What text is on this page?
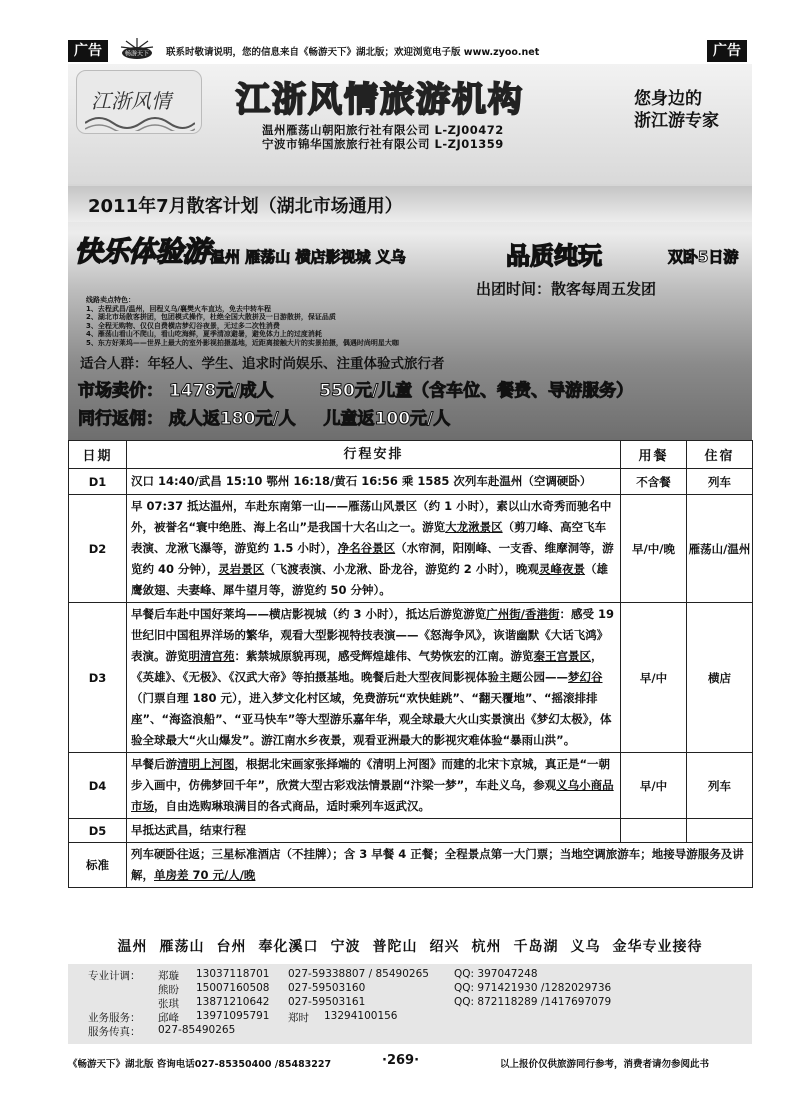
广告	畅游天下 联系时敬请说明，您的信息来自《畅游天下》湖北版；欢迎浏览电子版 www.zyoo.net	广告
江浙风情 江浙风情旅游机构	您身边的
浙江游专家
温州雁荡山朝阳旅行社有限公司 L-ZJ00472
宁波市锦华国旅旅行社有限公司 L-ZJ01359
2011年7月散客计划（湖北市场通用）
快乐体验游 温州 雁荡山 横店影视城 义乌	品质纯玩	双卧5日游
出团时间：散客每周五发团
线路卖点特色：
1、去程武昌/温州，回程义乌/襄樊火车直达，免去中转车程
2、湖北市场散客拼团，包团模式操作，杜绝全国大散拼及一日游散拼，保证品质
3、全程无购物、仅仅自费横店梦幻谷夜景，无过多二次性消费
4、雁荡山看山不爬山，看山吃海鲜，夏季清凉避暑，避免体力上的过度消耗
5、东方好莱坞——世界上最大的室外影视拍摄基地，近距离接触大片的实景拍摄，偶遇时尚明星大咖
适合人群：年轻人、学生、追求时尚娱乐、注重体验式旅行者
市场卖价： 1478元/成人	550元/儿童（含车位、餐费、导游服务）
同行返佣： 成人返180元/人 儿童返100元/人
日期	行程安排	用餐	住宿
D1	汉口 14:40/武昌 15:10 鄂州 16:18/黄石 16:56 乘 1585 次列车赴温州（空调硬卧）	不含餐	列车
D2	早 07:37 抵达温州，车赴东南第一山——雁荡山风景区（约 1 小时），素以山水奇秀而驰名中外，被誉名“寰中绝胜、海上名山”是我国十大名山之一。游览大龙湫景区（剪刀峰、高空飞车表演、龙湫飞瀑等，游览约 1.5 小时），净名谷景区（水帘洞，阳刚峰、一支香、维摩洞等，游览约 40 分钟），灵岩景区（飞渡表演、小龙湫、卧龙谷，游览约 2 小时），晚观灵峰夜景（雄鹰敛翅、夫妻峰、犀牛望月等，游览约 50 分钟）。	早/中/晚	雁荡山/温州
D3	早餐后车赴中国好莱坞——横店影视城（约 3 小时），抵达后游览游览广州街/香港街：感受 19 世纪旧中国租界洋场的繁华，观看大型影视特技表演——《怒海争风》，诙谐幽默《大话飞鸿》表演。游览明清宫苑：紫禁城原貌再现，感受辉煌雄伟、气势恢宏的江南。游览秦王宫景区，《英雄》、《无极》、《汉武大帝》等拍摄基地。晚餐后赴大型夜间影视体验主题公园——梦幻谷（门票自理 180 元），进入梦文化村区域，免费游玩“欢快蛙跳”、“翻天覆地”、“摇滚排排座”、“海盗浪船”、“亚马快车”等大型游乐嘉年华，观全球最大火山实景演出《梦幻太极》，体验全球最大“火山爆发”。游江南水乡夜景，观看亚洲最大的影视灾难体验“暴雨山洪”。	早/中	横店
D4	早餐后游清明上河图，根据北宋画家张择端的《清明上河图》而建的北宋卞京城，真正是“一朝步入画中，仿佛梦回千年”，欣赏大型古彩戏法情景剧“汴梁一梦”，车赴义乌，参观义乌小商品市场，自由选购琳琅满目的各式商品，适时乘列车返武汉。	早/中	列车
D5	早抵达武昌，结束行程		
标准	列车硬卧往返；三星标准酒店（不挂牌）；含 3 早餐 4 正餐；全程景点第一大门票；当地空调旅游车；地接导游服务及讲解，单房差 70 元/人/晚		
温州 雁荡山 台州 奉化溪口 宁波 普陀山 绍兴 杭州 千岛湖 义乌 金华专业接待
专业计调： 郑璇 13037118701 027-59338807 / 85490265 QQ: 397047248
熊盼 15007160508 027-59503160	QQ: 971421930 /1282029736
张琪 13871210642 027-59503161	QQ: 872118289 /1417697079
业务服务： 邱峰 13971095791 郑时 13294100156
服务传真： 027-85490265
《畅游天下》湖北版 咨询电话027-85350400 /85483227	·269·	以上报价仅供旅游同行参考，消费者请勿参阅此书
